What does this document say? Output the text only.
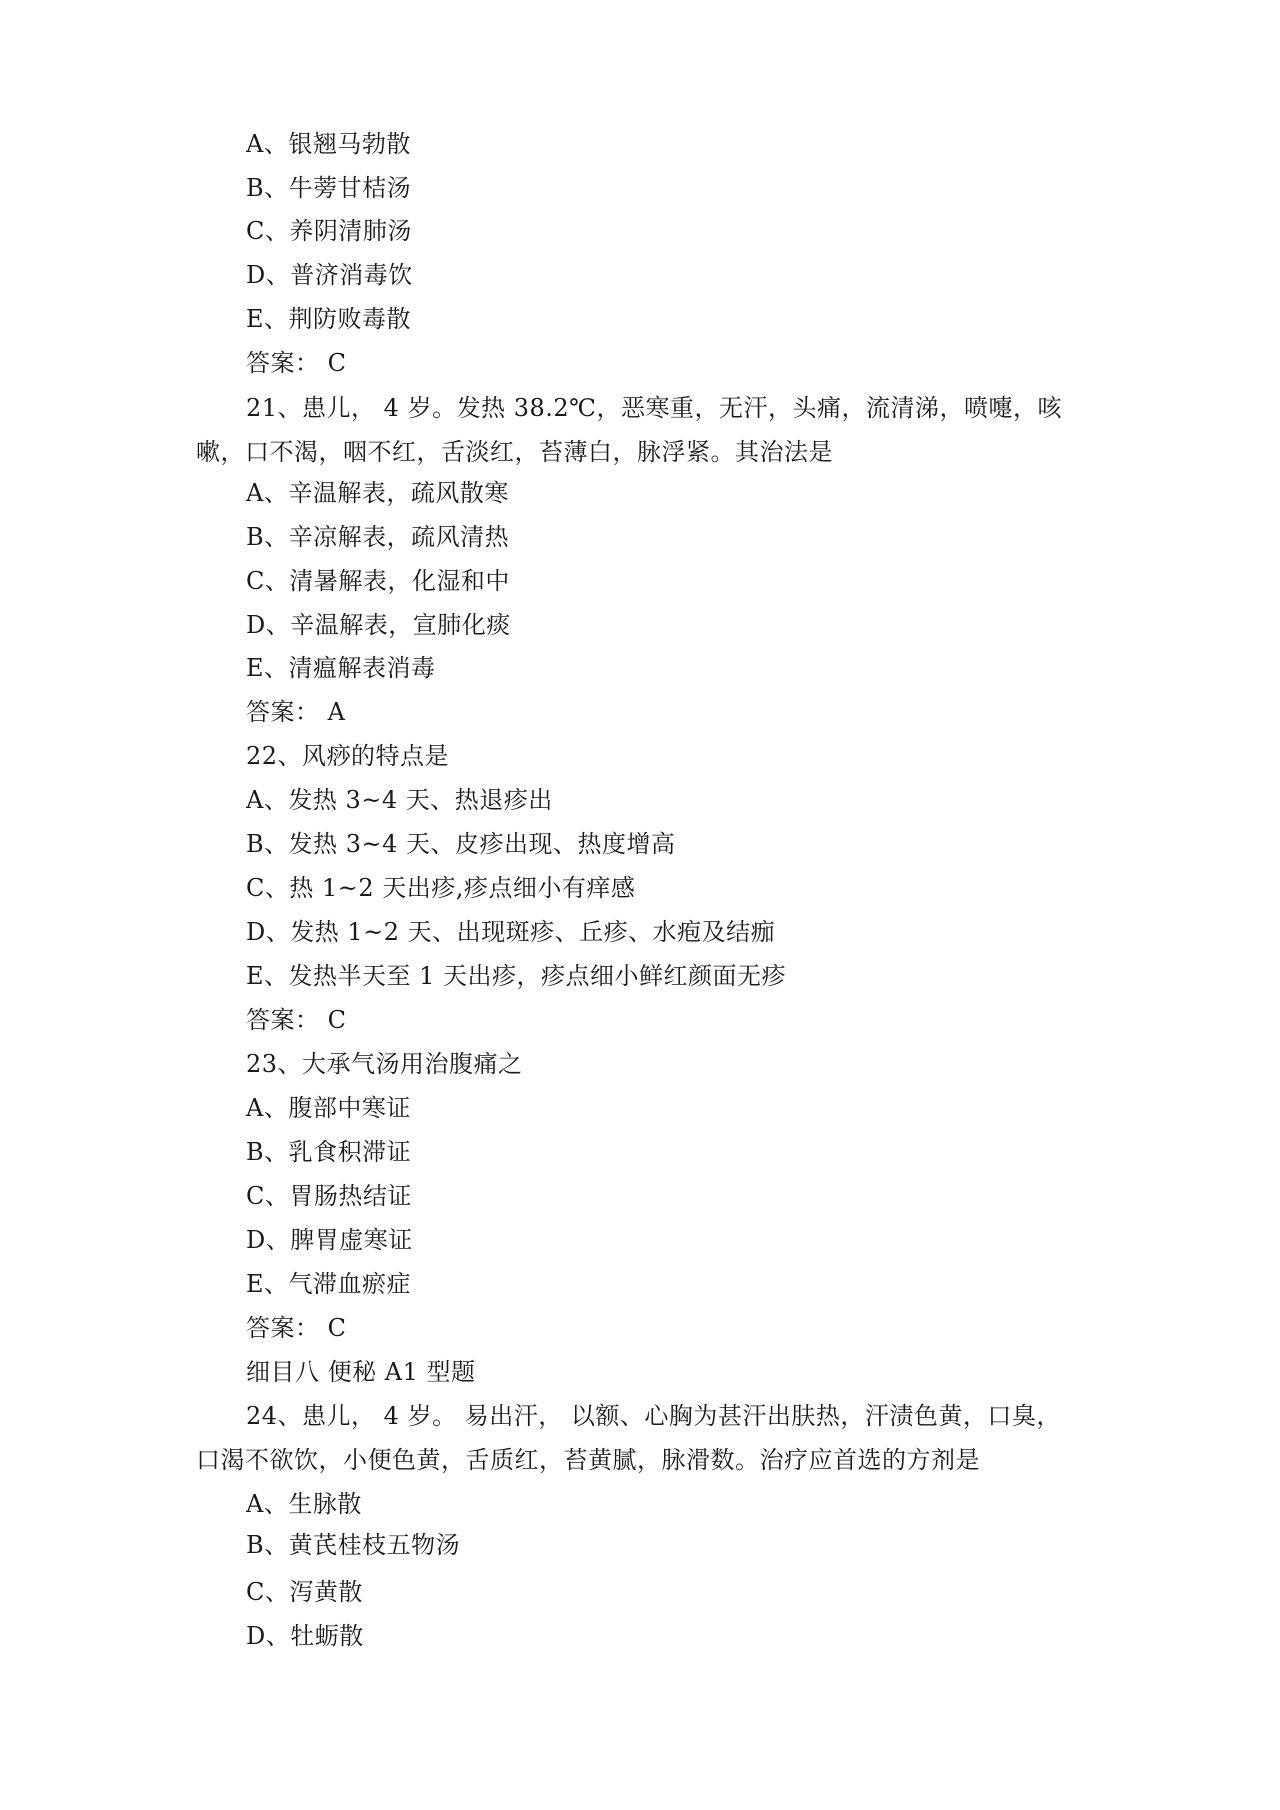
A、银翘马勃散
B、牛蒡甘桔汤
C、养阴清肺汤
D、普济消毒饮
E、荆防败毒散
答案： C
21、患儿， 4 岁。发热 38.2℃，恶寒重，无汗，头痛，流清涕，喷嚏，咳
嗽，口不渴，咽不红，舌淡红，苔薄白，脉浮紧。其治法是
A、辛温解表，疏风散寒
B、辛凉解表，疏风清热
C、清暑解表，化湿和中
D、辛温解表，宣肺化痰
E、清瘟解表消毒
答案： A
22、风痧的特点是
A、发热 3~4 天、热退疹出
B、发热 3~4 天、皮疹出现、热度增高
C、热 1~2 天出疹,疹点细小有痒感
D、发热 1~2 天、出现斑疹、丘疹、水疱及结痂
E、发热半天至 1 天出疹，疹点细小鲜红颜面无疹
答案： C
23、大承气汤用治腹痛之
A、腹部中寒证
B、乳食积滞证
C、胃肠热结证
D、脾胃虚寒证
E、气滞血瘀症
答案： C
细目八 便秘 A1 型题
24、患儿， 4 岁。 易出汗， 以额、心胸为甚汗出肤热，汗渍色黄，口臭，
口渴不欲饮，小便色黄，舌质红，苔黄腻，脉滑数。治疗应首选的方剂是
A、生脉散
B、黄芪桂枝五物汤
C、泻黄散
D、牡蛎散
